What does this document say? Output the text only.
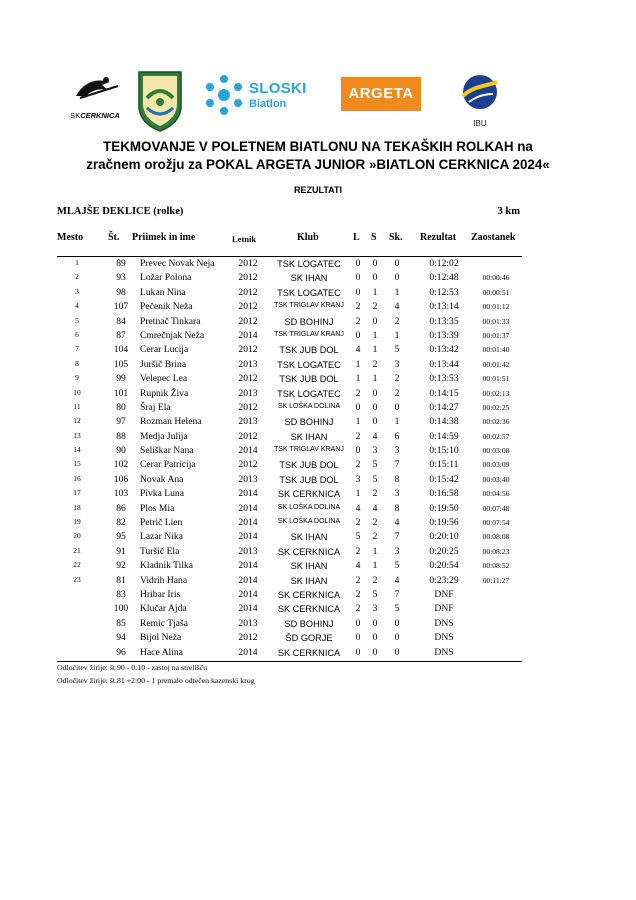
SKCERKNICA
SLOSKI
Biatlon
ARGETA
IBU
TEKMOVANJE V POLETNEM BIATLONU NA TEKAŠKIH ROLKAH na
zračnem orožju za POKAL ARGETA JUNIOR »BIATLON CERKNICA 2024«
REZULTATI
MLAJŠE DEKLICE (rolke)	3 km
Mesto Št. Priimek in ime	Letnik	Klub	L S Sk. Rezultat Zaostanek
1	89	Prevec Novak Neja	2012	TSK LOGATEC	0	0	0	0:12:02
2	93	Ložar Polona	2012	SK IHAN	0	0	0	0:12:48	00:00:46
3	98	Lukan Nina	2012	TSK LOGATEC	0	1	1	0:12:53	00:00:51
4	107	Pečenik Neža	2012	TSK TRIGLAV KRANJ	2	2	4	0:13:14	00:01:12
5	84	Pretnač Tinkara	2012	SD BOHINJ	2	0	2	0:13:35	00:01:33
6	87	Cmrečnjak Neža	2014	TSK TRIGLAV KRANJ	0	1	1	0:13:39	00:01:37
7	104	Cerar Lucija	2012	TSK JUB DOL	4	1	5	0:13:42	00:01:40
8	105	Juršič Brina	2013	TSK LOGATEC	1	2	3	0:13:44	00:01:42
9	99	Velepec Lea	2012	TSK JUB DOL	1	1	2	0:13:53	00:01:51
10	101	Rupnik Živa	2013	TSK LOGATEC	2	0	2	0:14:15	00:02:13
11	80	Šraj Ela	2012	SK LOŠKA DOLINA	0	0	0	0:14:27	00:02:25
12	97	Rozman Helena	2013	SD BOHINJ	1	0	1	0:14:38	00:02:36
13	88	Medja Julija	2012	SK IHAN	2	4	6	0:14:59	00:02:57
14	90	Seliškar Nana	2014	TSK TRIGLAV KRANJ	0	3	3	0:15:10	00:03:08
15	102	Cerar Patricija	2012	TSK JUB DOL	2	5	7	0:15:11	00:03:09
16	106	Novak Ana	2013	TSK JUB DOL	3	5	8	0:15:42	00:03:40
17	103	Pivka Luna	2014	SK CERKNICA	1	2	3	0:16:58	00:04:56
18	86	Plos Mia	2014	SK LOŠKA DOLINA	4	4	8	0:19:50	00:07:48
19	82	Petrič Lien	2014	SK LOŠKA DOLINA	2	2	4	0:19:56	00:07:54
20	95	Lazar Nika	2014	SK IHAN	5	2	7	0:20:10	00:08:08
21	91	Turšič Ela	2013	SK CERKNICA	2	1	3	0:20:25	00:08:23
22	92	Kladnik Tilka	2014	SK IHAN	4	1	5	0:20:54	00:08:52
23	81	Vidrih Hana	2014	SK IHAN	2	2	4	0:23:29	00:11:27
83	Hribar Iris	2014	SK CERKNICA	2	5	7	DNF
100	Klučar Ajda	2014	SK CERKNICA	2	3	5	DNF
85	Remic Tjaša	2013	SD BOHINJ	0	0	0	DNS
94	Bijol Neža	2012	ŠD GORJE	0	0	0	DNS
96	Hace Alina	2014	SK CERKNICA	0	0	0	DNS
Odločitev žirije: št.90 - 0:10 - zastoj na strelišču
Odločitev žirije: št.81 +2:00 - 1 premalo odtečen kazenski krog
